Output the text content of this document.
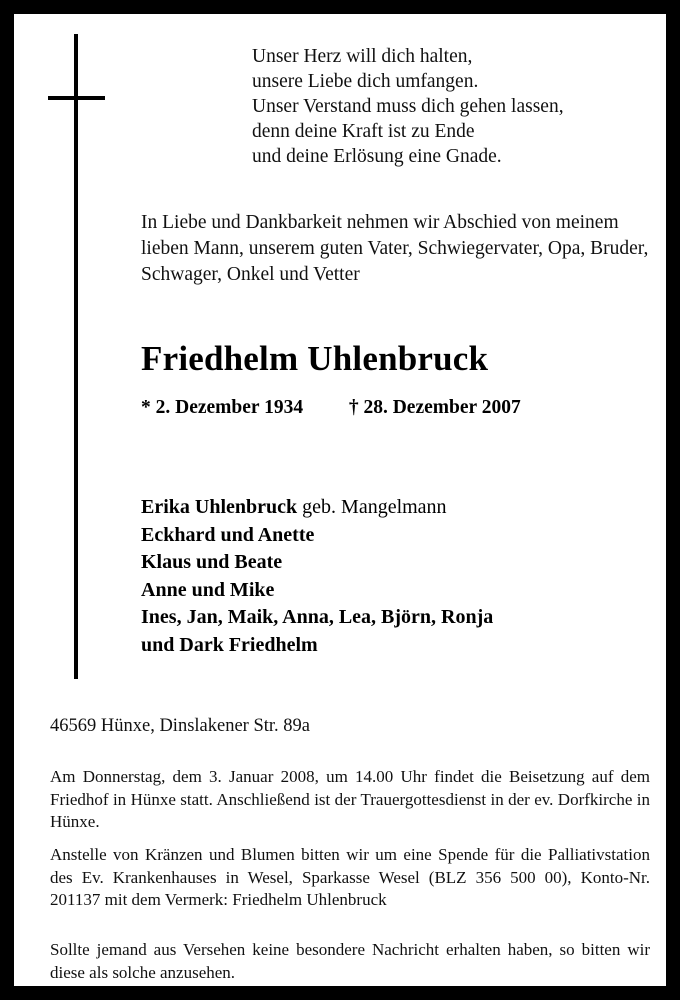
Unser Herz will dich halten,
unsere Liebe dich umfangen.
Unser Verstand muss dich gehen lassen,
denn deine Kraft ist zu Ende
und deine Erlösung eine Gnade.
In Liebe und Dankbarkeit nehmen wir Abschied von meinem lieben Mann, unserem guten Vater, Schwiegervater, Opa, Bruder, Schwager, Onkel und Vetter
Friedhelm Uhlenbruck
* 2. Dezember 1934 † 28. Dezember 2007
Erika Uhlenbruck geb. Mangelmann
Eckhard und Anette
Klaus und Beate
Anne und Mike
Ines, Jan, Maik, Anna, Lea, Björn, Ronja
und Dark Friedhelm
46569 Hünxe, Dinslakener Str. 89a
Am Donnerstag, dem 3. Januar 2008, um 14.00 Uhr findet die Beisetzung auf dem Friedhof in Hünxe statt. Anschließend ist der Trauergottesdienst in der ev. Dorfkirche in Hünxe.
Anstelle von Kränzen und Blumen bitten wir um eine Spende für die Palliativstation des Ev. Krankenhauses in Wesel, Sparkasse Wesel (BLZ 356 500 00), Konto-Nr. 201137 mit dem Vermerk: Friedhelm Uhlenbruck
Sollte jemand aus Versehen keine besondere Nachricht erhalten haben, so bitten wir diese als solche anzusehen.
